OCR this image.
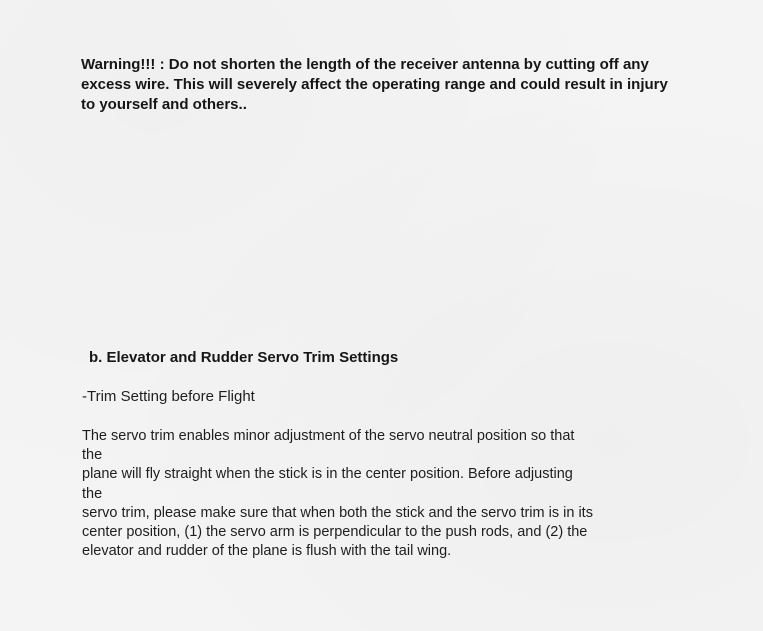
Warning!!! : Do not shorten the length of the receiver antenna by cutting off any excess wire. This will severely affect the operating range and could result in injury to yourself and others..

b. Elevator and Rudder Servo Trim Settings

-Trim Setting before Flight

The servo trim enables minor adjustment of the servo neutral position so that
the
plane will fly straight when the stick is in the center position. Before adjusting
the
servo trim, please make sure that when both the stick and the servo trim is in its
center position, (1) the servo arm is perpendicular to the push rods, and (2) the
elevator and rudder of the plane is flush with the tail wing.
